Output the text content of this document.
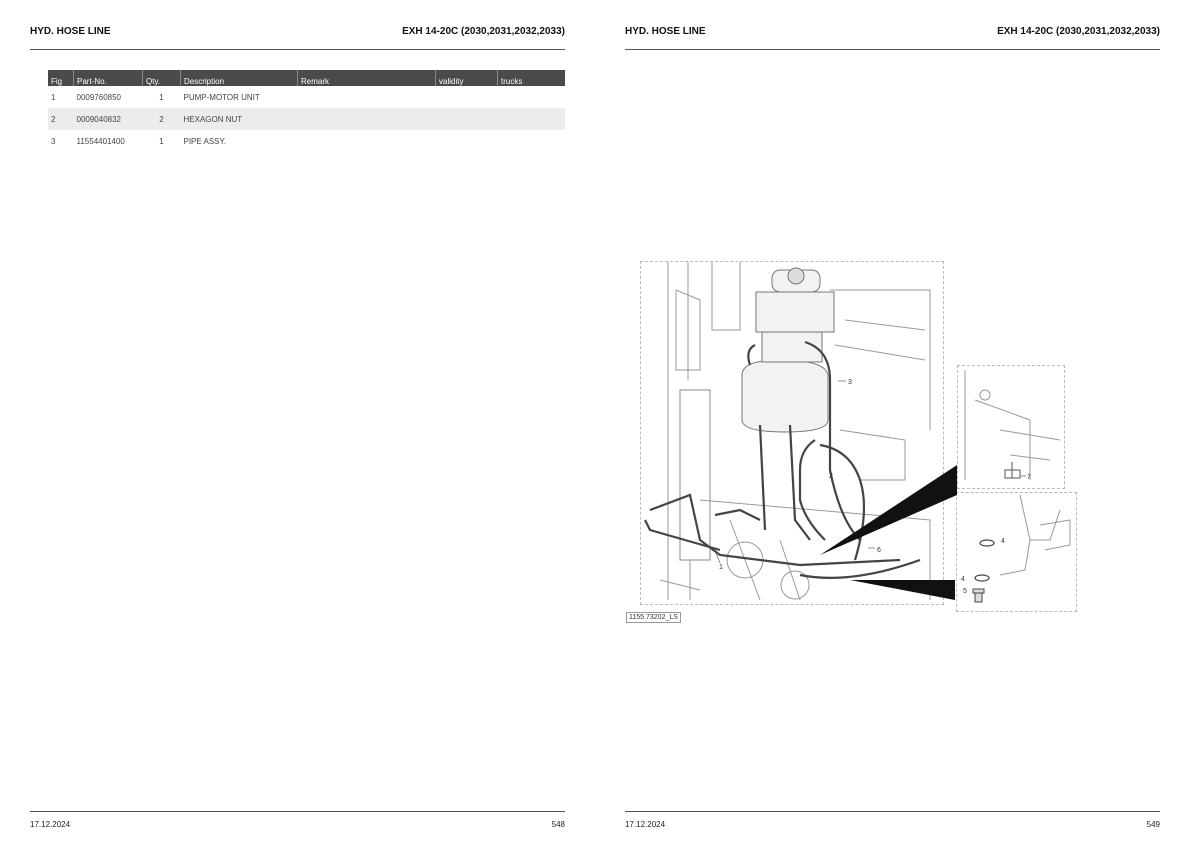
HYD. HOSE LINE	EXH 14-20C (2030,2031,2032,2033)
Fig	Part-No.	Qty.	Description	Remark	validity	trucks
1	0009760850	1	PUMP-MOTOR UNIT			
2	0009040832	2	HEXAGON NUT			
3	11554401400	1	PIPE ASSY.			
17.12.2024	548
HYD. HOSE LINE	EXH 14-20C (2030,2031,2032,2033)
17.12.2024	549
1
2
3
4
4
5
6
7
1155.73202_LS
